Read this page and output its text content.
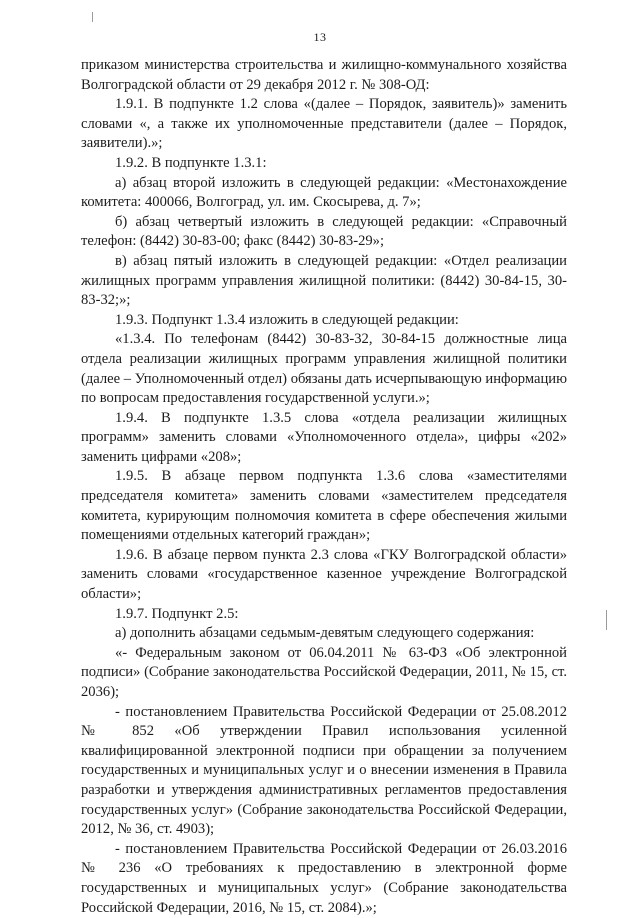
13

приказом министерства строительства и жилищно-коммунального хозяйства Волгоградской области от 29 декабря 2012 г. № 308-ОД:

1.9.1. В подпункте 1.2 слова «(далее – Порядок, заявитель)» заменить словами «, а также их уполномоченные представители (далее – Порядок, заявители).»;

1.9.2. В подпункте 1.3.1:

а) абзац второй изложить в следующей редакции: «Местонахождение комитета: 400066, Волгоград, ул. им. Скосырева, д. 7»;

б) абзац четвертый изложить в следующей редакции: «Справочный телефон: (8442) 30-83-00; факс (8442) 30-83-29»;

в) абзац пятый изложить в следующей редакции: «Отдел реализации жилищных программ управления жилищной политики: (8442) 30-84-15, 30-83-32;»;

1.9.3. Подпункт 1.3.4 изложить в следующей редакции:

«1.3.4. По телефонам (8442) 30-83-32, 30-84-15 должностные лица отдела реализации жилищных программ управления жилищной политики (далее – Уполномоченный отдел) обязаны дать исчерпывающую информацию по вопросам предоставления государственной услуги.»;

1.9.4. В подпункте 1.3.5 слова «отдела реализации жилищных программ» заменить словами «Уполномоченного отдела», цифры «202» заменить цифрами «208»;

1.9.5. В абзаце первом подпункта 1.3.6 слова «заместителями председателя комитета» заменить словами «заместителем председателя комитета, курирующим полномочия комитета в сфере обеспечения жилыми помещениями отдельных категорий граждан»;

1.9.6. В абзаце первом пункта 2.3 слова «ГКУ Волгоградской области» заменить словами «государственное казенное учреждение Волгоградской области»;

1.9.7. Подпункт 2.5:

а) дополнить абзацами седьмым-девятым следующего содержания:

«- Федеральным законом от 06.04.2011 № 63-ФЗ «Об электронной подписи» (Собрание законодательства Российской Федерации, 2011, № 15, ст. 2036);

- постановлением Правительства Российской Федерации от 25.08.2012 № 852 «Об утверждении Правил использования усиленной квалифицированной электронной подписи при обращении за получением государственных и муниципальных услуг и о внесении изменения в Правила разработки и утверждения административных регламентов предоставления государственных услуг» (Собрание законодательства Российской Федерации, 2012, № 36, ст. 4903);

- постановлением Правительства Российской Федерации от 26.03.2016 № 236 «О требованиях к предоставлению в электронной форме государственных и муниципальных услуг» (Собрание законодательства Российской Федерации, 2016, № 15, ст. 2084).»;
